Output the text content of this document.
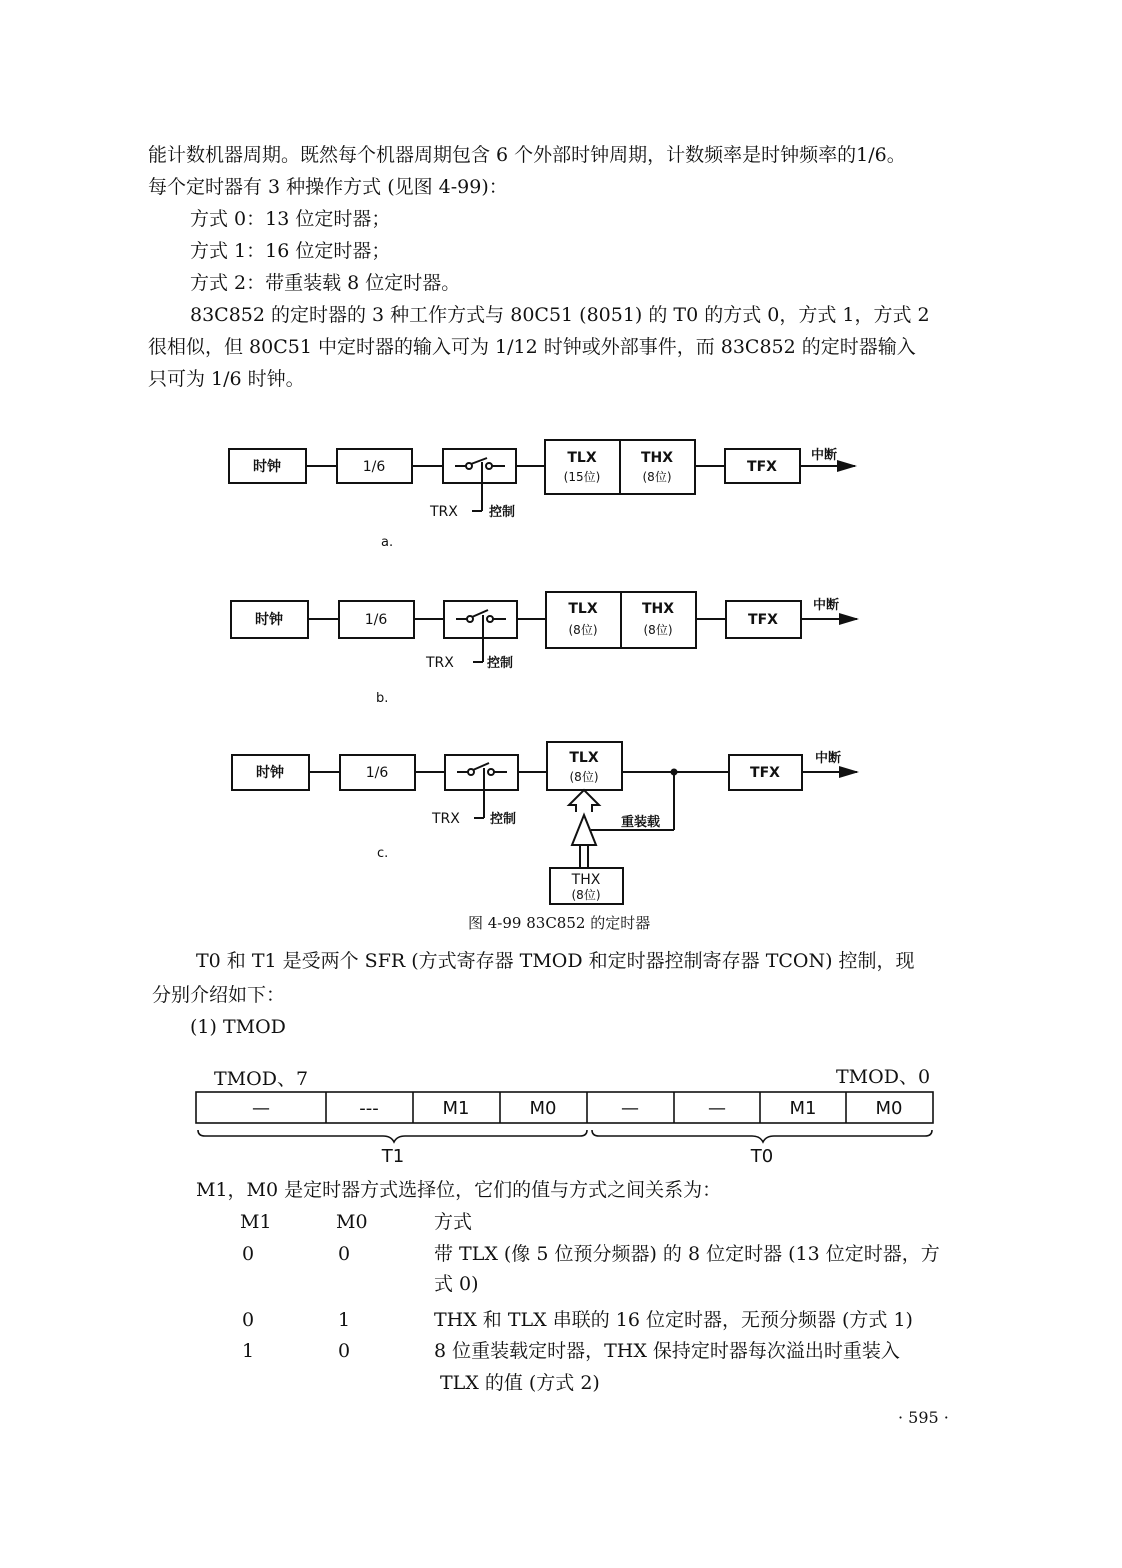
能计数机器周期。既然每个机器周期包含 6 个外部时钟周期，计数频率是时钟频率的1/6。
每个定时器有 3 种操作方式 (见图 4-99)：
方式 0：13 位定时器；
方式 1：16 位定时器；
方式 2：带重装载 8 位定时器。
83C852 的定时器的 3 种工作方式与 80C51 (8051) 的 T0 的方式 0，方式 1，方式 2
很相似，但 80C51 中定时器的输入可为 1/12 时钟或外部事件，而 83C852 的定时器输入
只可为 1/6 时钟。
时钟	1/6
TLX
(15位)
THX
(8位)
TFX
中断
TRX 控制
a.
时钟	1/6
TLX
(8位)
THX
(8位)
TFX
中断
TRX	控制
b.
时钟	1/6
TLX
(8位)	TFX
中断
TRX 控制	重装载
THX
(8位)
c.
图 4-99 83C852 的定时器
T0 和 T1 是受两个 SFR (方式寄存器 TMOD 和定时器控制寄存器 TCON) 控制，现
分别介绍如下：
(1) TMOD
TMOD、7	TMOD、0
—	---	M1	M0	—	—	M1	M0
T1	T0
M1，M0 是定时器方式选择位，它们的值与方式之间关系为：
M1	M0	方式
0	0	带 TLX (像 5 位预分频器) 的 8 位定时器 (13 位定时器，方
式 0)
0	1	THX 和 TLX 串联的 16 位定时器，无预分频器 (方式 1)
1	0	8 位重装载定时器，THX 保持定时器每次溢出时重装入
TLX 的值 (方式 2)
· 595 ·
